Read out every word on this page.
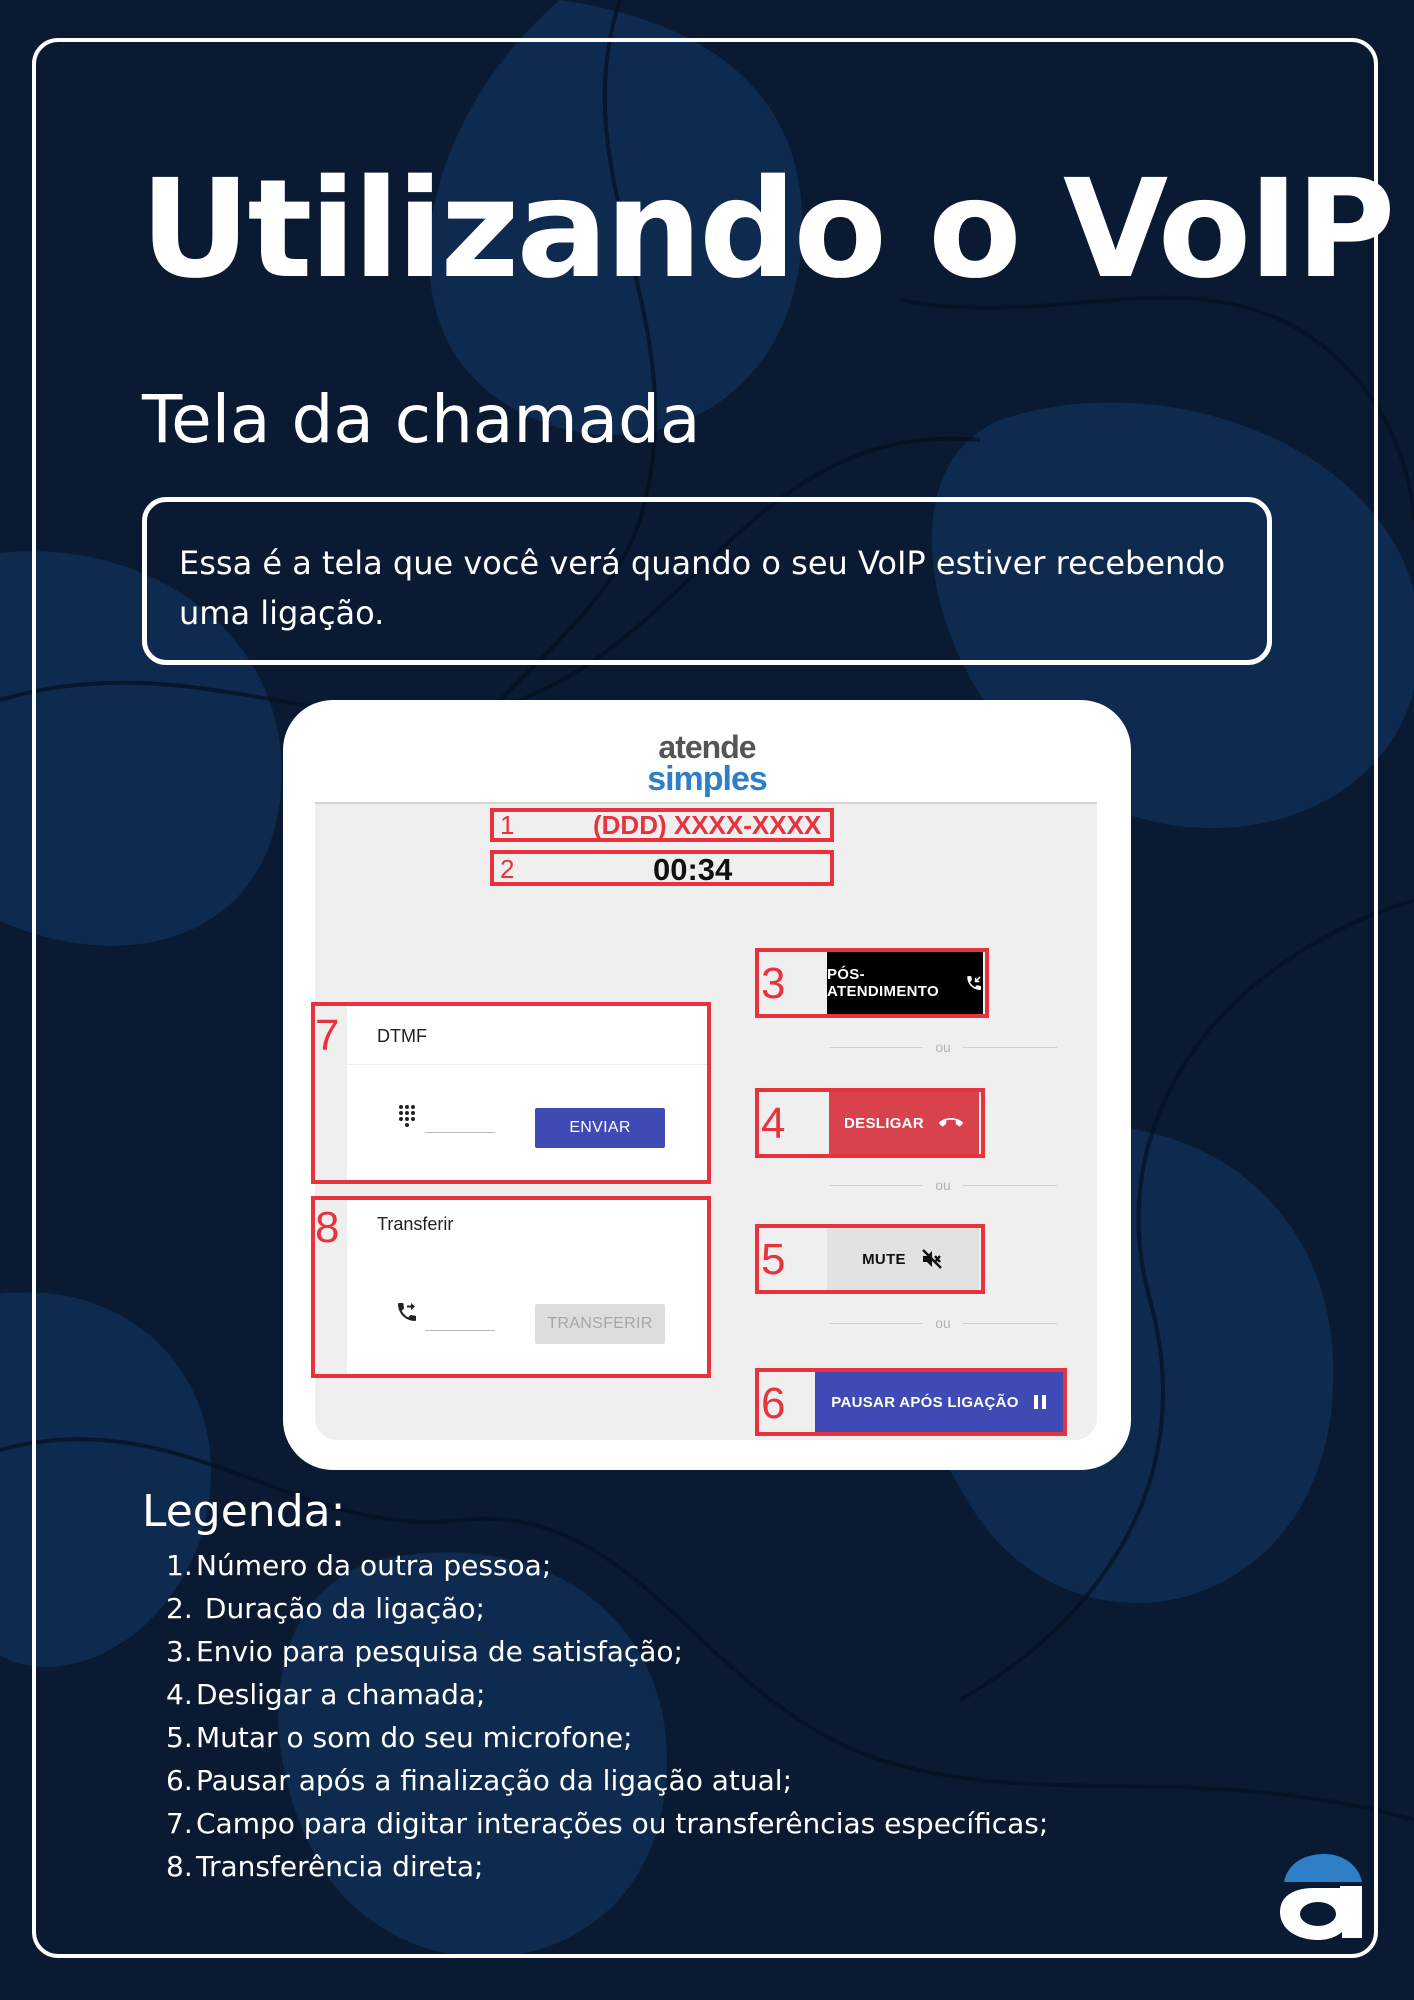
Utilizando o VoIP
Tela da chamada
Essa é a tela que você verá quando o seu VoIP estiver recebendo uma ligação.
atende
simples
1	(DDD) XXXX-XXXX
2	00:34
3	PÓS-ATENDIMENTO
ou
4	DESLIGAR
ou
5	MUTE
ou
6	PAUSAR APÓS LIGAÇÃO
7 DTMF
ENVIAR
8 Transferir
TRANSFERIR
Legenda:
1. Número da outra pessoa;
2. Duração da ligação;
3. Envio para pesquisa de satisfação;
4. Desligar a chamada;
5. Mutar o som do seu microfone;
6. Pausar após a finalização da ligação atual;
7. Campo para digitar interações ou transferências específicas;
8. Transferência direta;
